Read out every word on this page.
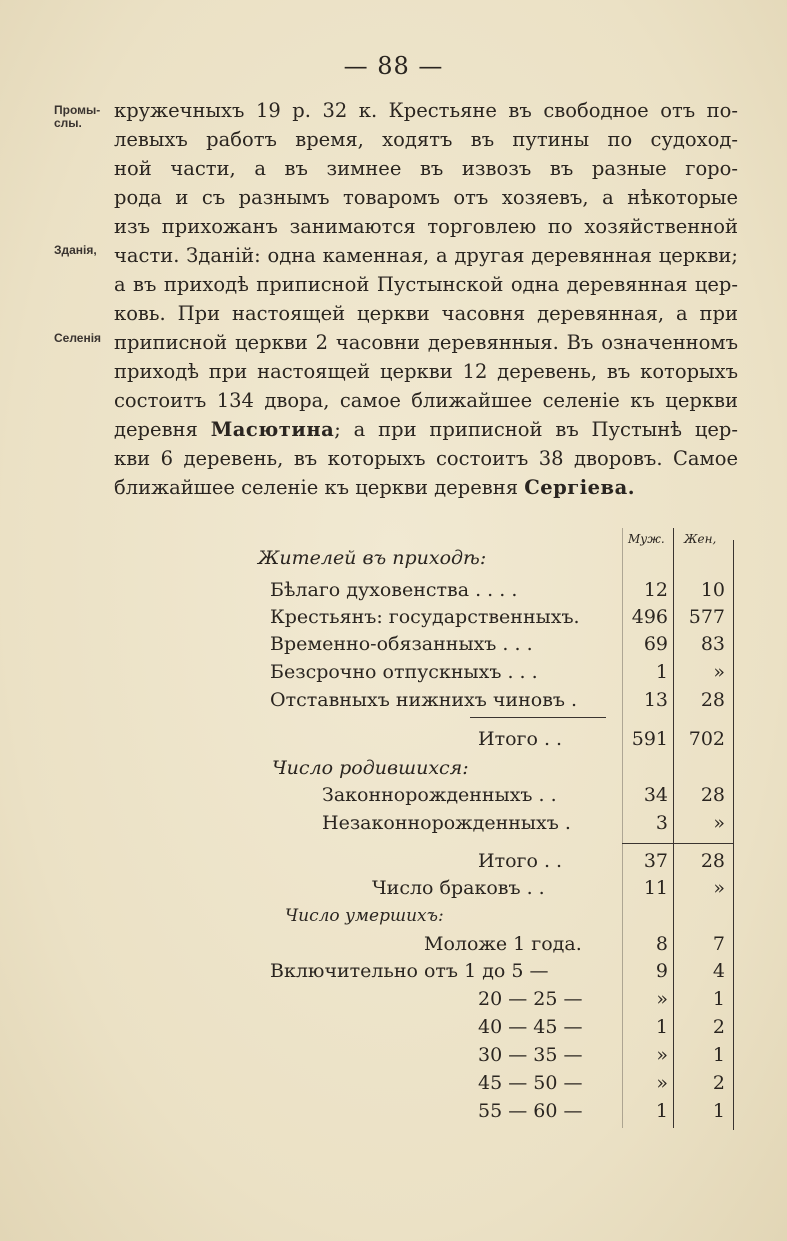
— 88 —
Промы-слы.
Зданія,
Селенія
кружечныхъ 19 р. 32 к. Крестьяне въ свободное отъ по-
левыхъ работъ время, ходятъ въ путины по судоход-
ной части, а въ зимнее въ извозъ въ разные горо-
рода и съ разнымъ товаромъ отъ хозяевъ, а нѣкоторые
изъ прихожанъ занимаются торговлею по хозяйственной
части. Зданій: одна каменная, а другая деревянная церкви;
а въ приходѣ приписной Пустынской одна деревянная цер-
ковь. При настоящей церкви часовня деревянная, а при
приписной церкви 2 часовни деревянныя. Въ означенномъ
приходѣ при настоящей церкви 12 деревень, въ которыхъ
состоитъ 134 двора, самое ближайшее селеніе къ церкви
деревня Масютина; а при приписной въ Пустынѣ цер-
кви 6 деревень, въ которыхъ состоитъ 38 дворовъ. Самое
ближайшее селеніе къ церкви деревня Сергіева.
Муж. Жен,
Жителей въ приходѣ:
Бѣлаго духовенства . . . .	12	10
Крестьянъ: государственныхъ.	496	577
Временно-обязанныхъ . . .	69	83
Безсрочно отпускныхъ . . .	1	»
Отставныхъ нижнихъ чиновъ .	13	28
Итого . .	591	702
Число родившихся:
Законнорожденныхъ . .	34	28
Незаконнорожденныхъ .	3	»
Итого . .	37	28
Число браковъ . .	11	»
Число умершихъ:
Моложе 1 года.	8	7
Включительно отъ 1 до 5 —	9	4
20 — 25 —	»	1
40 — 45 —	1	2
30 — 35 —	»	1
45 — 50 —	»	2
55 — 60 —	1	1
